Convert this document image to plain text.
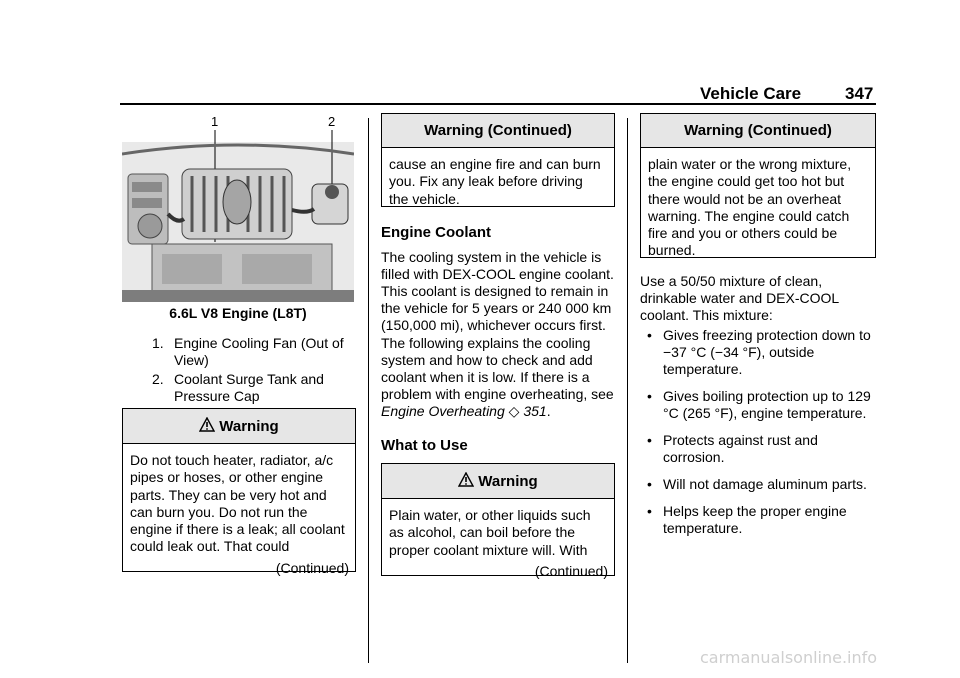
Vehicle Care	347
1	2
6.6L V8 Engine (L8T)
1. Engine Cooling Fan (Out of View)
2. Coolant Surge Tank and Pressure Cap
Warning
Do not touch heater, radiator, a/c pipes or hoses, or other engine parts. They can be very hot and can burn you. Do not run the engine if there is a leak; all coolant could leak out. That could
(Continued)
Warning (Continued)
cause an engine fire and can burn you. Fix any leak before driving the vehicle.
Engine Coolant

The cooling system in the vehicle is filled with DEX-COOL engine coolant. This coolant is designed to remain in the vehicle for 5 years or 240 000 km (150,000 mi), whichever occurs first.

The following explains the cooling system and how to check and add coolant when it is low. If there is a problem with engine overheating, see Engine Overheating ◇ 351.

What to Use
Warning
Plain water, or other liquids such as alcohol, can boil before the proper coolant mixture will. With
(Continued)
Warning (Continued)
plain water or the wrong mixture, the engine could get too hot but there would not be an overheat warning. The engine could catch fire and you or others could be burned.

Use a 50/50 mixture of clean, drinkable water and DEX-COOL coolant. This mixture:

• Gives freezing protection down to −37 °C (−34 °F), outside temperature.
• Gives boiling protection up to 129 °C (265 °F), engine temperature.
• Protects against rust and corrosion.
• Will not damage aluminum parts.
• Helps keep the proper engine temperature.
carmanualsonline.info
